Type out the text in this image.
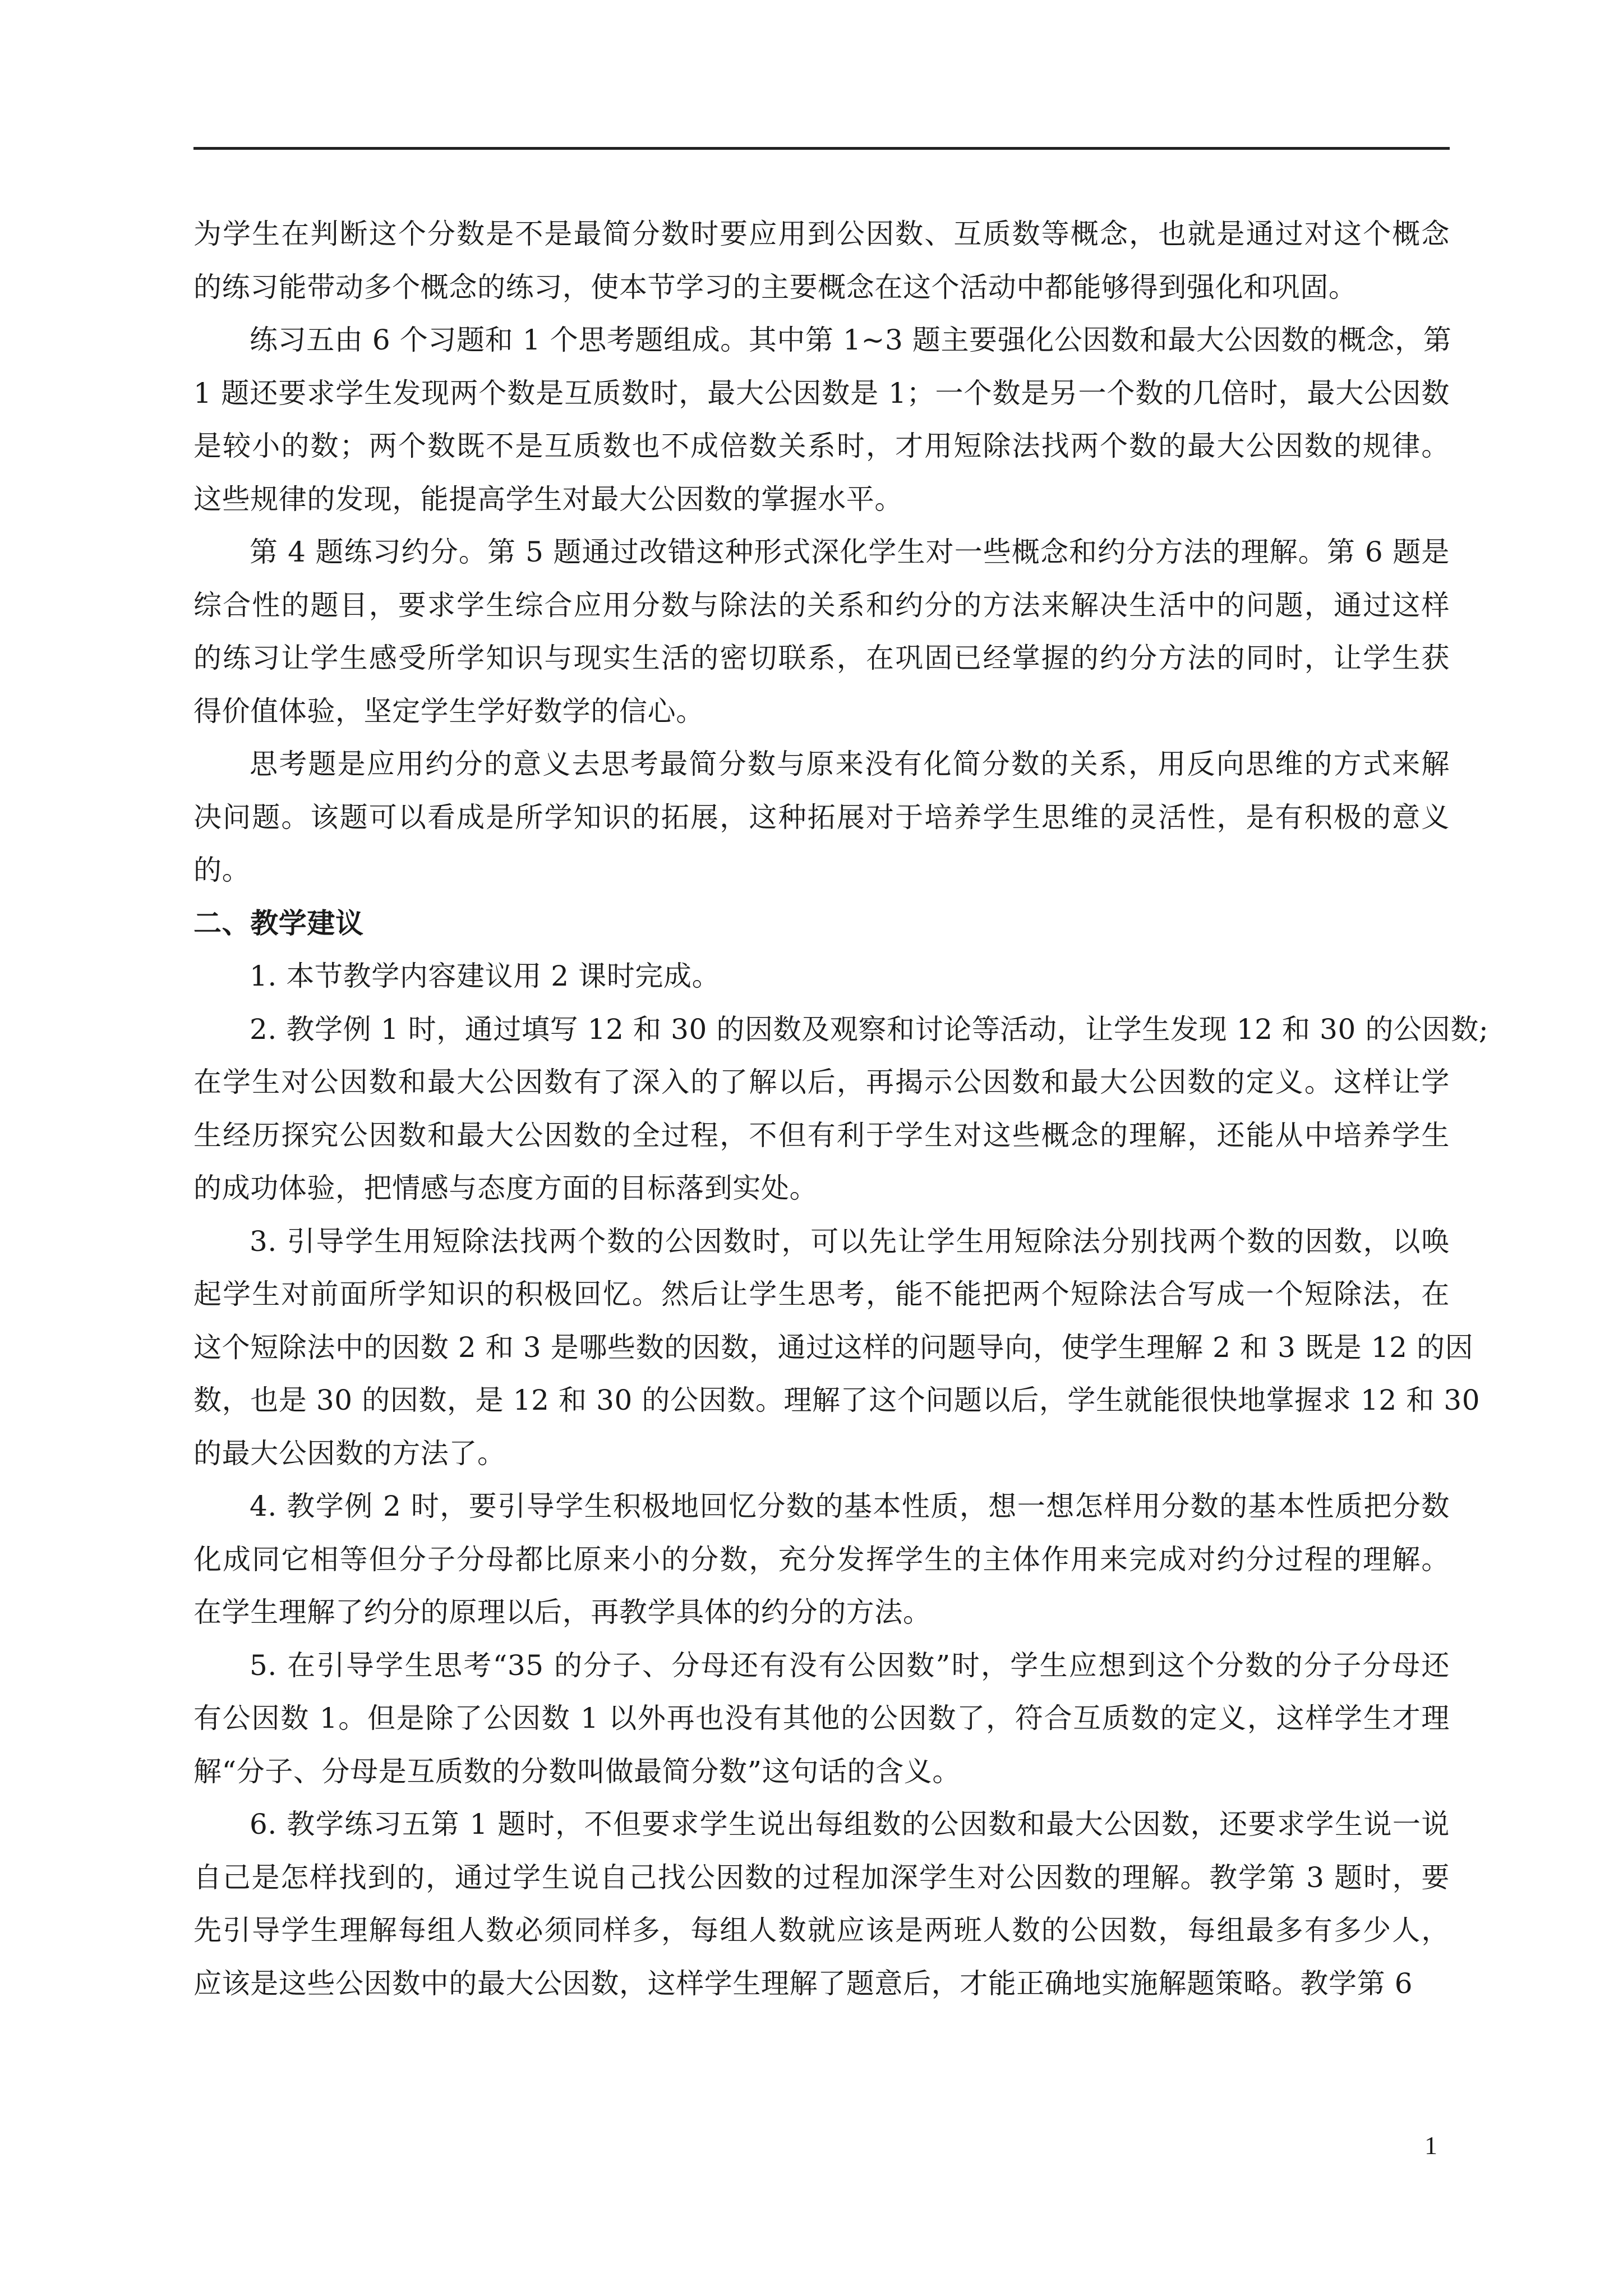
为学生在判断这个分数是不是最简分数时要应用到公因数、互质数等概念，也就是通过对这个概念
的练习能带动多个概念的练习，使本节学习的主要概念在这个活动中都能够得到强化和巩固。
练习五由 6 个习题和 1 个思考题组成。其中第 1~3 题主要强化公因数和最大公因数的概念，第
1 题还要求学生发现两个数是互质数时，最大公因数是 1；一个数是另一个数的几倍时，最大公因数
是较小的数；两个数既不是互质数也不成倍数关系时，才用短除法找两个数的最大公因数的规律。
这些规律的发现，能提高学生对最大公因数的掌握水平。
第 4 题练习约分。第 5 题通过改错这种形式深化学生对一些概念和约分方法的理解。第 6 题是
综合性的题目，要求学生综合应用分数与除法的关系和约分的方法来解决生活中的问题，通过这样
的练习让学生感受所学知识与现实生活的密切联系，在巩固已经掌握的约分方法的同时，让学生获
得价值体验，坚定学生学好数学的信心。
思考题是应用约分的意义去思考最简分数与原来没有化简分数的关系，用反向思维的方式来解
决问题。该题可以看成是所学知识的拓展，这种拓展对于培养学生思维的灵活性，是有积极的意义
的。
二、教学建议
1. 本节教学内容建议用 2 课时完成。
2. 教学例 1 时，通过填写 12 和 30 的因数及观察和讨论等活动，让学生发现 12 和 30 的公因数;
在学生对公因数和最大公因数有了深入的了解以后，再揭示公因数和最大公因数的定义。这样让学
生经历探究公因数和最大公因数的全过程，不但有利于学生对这些概念的理解，还能从中培养学生
的成功体验，把情感与态度方面的目标落到实处。
3. 引导学生用短除法找两个数的公因数时，可以先让学生用短除法分别找两个数的因数，以唤
起学生对前面所学知识的积极回忆。然后让学生思考，能不能把两个短除法合写成一个短除法，在
这个短除法中的因数 2 和 3 是哪些数的因数，通过这样的问题导向，使学生理解 2 和 3 既是 12 的因
数，也是 30 的因数，是 12 和 30 的公因数。理解了这个问题以后，学生就能很快地掌握求 12 和 30
的最大公因数的方法了。
4. 教学例 2 时，要引导学生积极地回忆分数的基本性质，想一想怎样用分数的基本性质把分数
化成同它相等但分子分母都比原来小的分数，充分发挥学生的主体作用来完成对约分过程的理解。
在学生理解了约分的原理以后，再教学具体的约分的方法。
5. 在引导学生思考“35 的分子、分母还有没有公因数”时，学生应想到这个分数的分子分母还
有公因数 1。但是除了公因数 1 以外再也没有其他的公因数了，符合互质数的定义，这样学生才理
解“分子、分母是互质数的分数叫做最简分数”这句话的含义。
6. 教学练习五第 1 题时，不但要求学生说出每组数的公因数和最大公因数，还要求学生说一说
自己是怎样找到的，通过学生说自己找公因数的过程加深学生对公因数的理解。教学第 3 题时，要
先引导学生理解每组人数必须同样多，每组人数就应该是两班人数的公因数，每组最多有多少人，
应该是这些公因数中的最大公因数，这样学生理解了题意后，才能正确地实施解题策略。教学第 6
1
